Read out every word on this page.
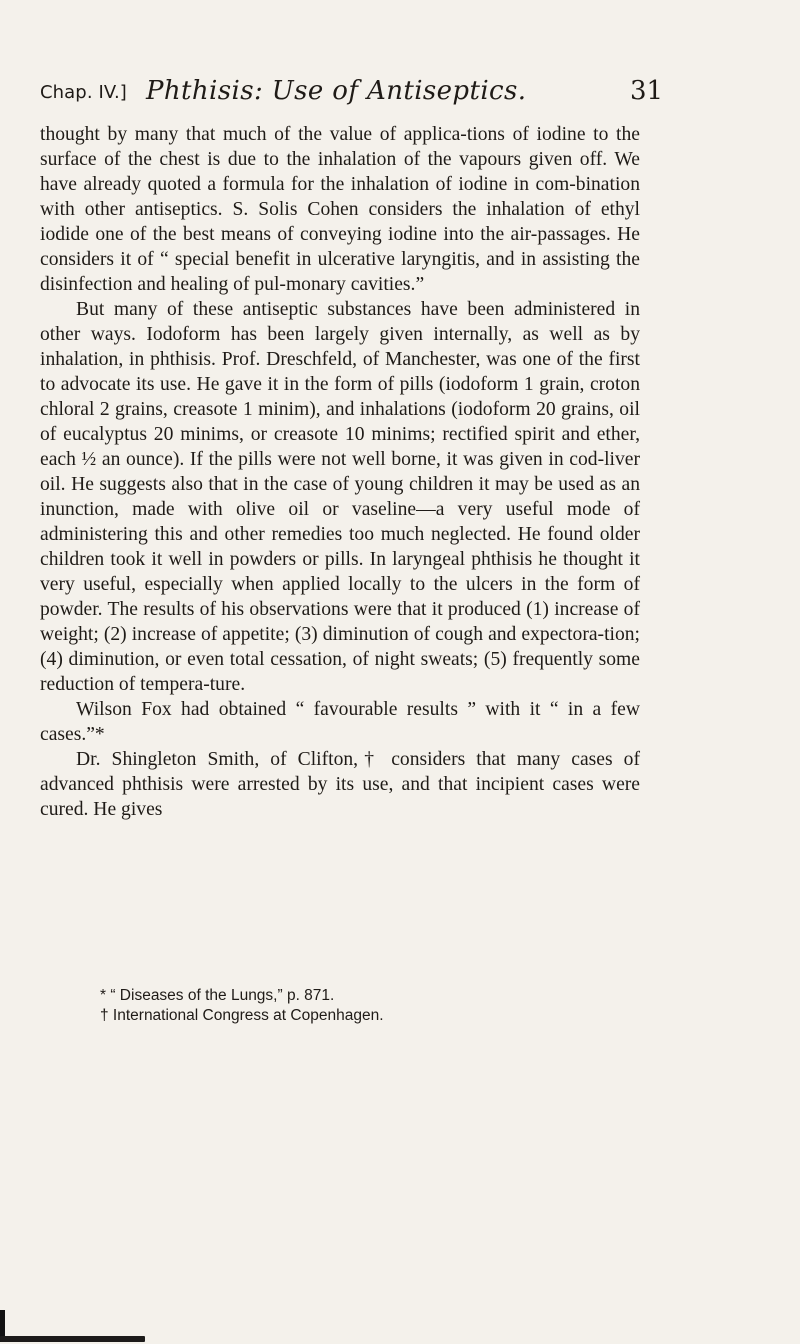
Chap. IV.] Phthisis: Use of Antiseptics.	31

thought by many that much of the value of applica-tions of iodine to the surface of the chest is due to the inhalation of the vapours given off. We have already quoted a formula for the inhalation of iodine in com-bination with other antiseptics. S. Solis Cohen considers the inhalation of ethyl iodide one of the best means of conveying iodine into the air-passages. He considers it of “ special benefit in ulcerative laryngitis, and in assisting the disinfection and healing of pul-monary cavities.”

But many of these antiseptic substances have been administered in other ways. Iodoform has been largely given internally, as well as by inhalation, in phthisis. Prof. Dreschfeld, of Manchester, was one of the first to advocate its use. He gave it in the form of pills (iodoform 1 grain, croton chloral 2 grains, creasote 1 minim), and inhalations (iodoform 20 grains, oil of eucalyptus 20 minims, or creasote 10 minims; rectified spirit and ether, each ½ an ounce). If the pills were not well borne, it was given in cod-liver oil. He suggests also that in the case of young children it may be used as an inunction, made with olive oil or vaseline—a very useful mode of administering this and other remedies too much neglected. He found older children took it well in powders or pills. In laryngeal phthisis he thought it very useful, especially when applied locally to the ulcers in the form of powder. The results of his observations were that it produced (1) increase of weight; (2) increase of appetite; (3) diminution of cough and expectora-tion; (4) diminution, or even total cessation, of night sweats; (5) frequently some reduction of tempera-ture.

Wilson Fox had obtained “ favourable results ” with it “ in a few cases.”*

Dr. Shingleton Smith, of Clifton,† considers that many cases of advanced phthisis were arrested by its use, and that incipient cases were cured. He gives

* “ Diseases of the Lungs,” p. 871.

† International Congress at Copenhagen.
